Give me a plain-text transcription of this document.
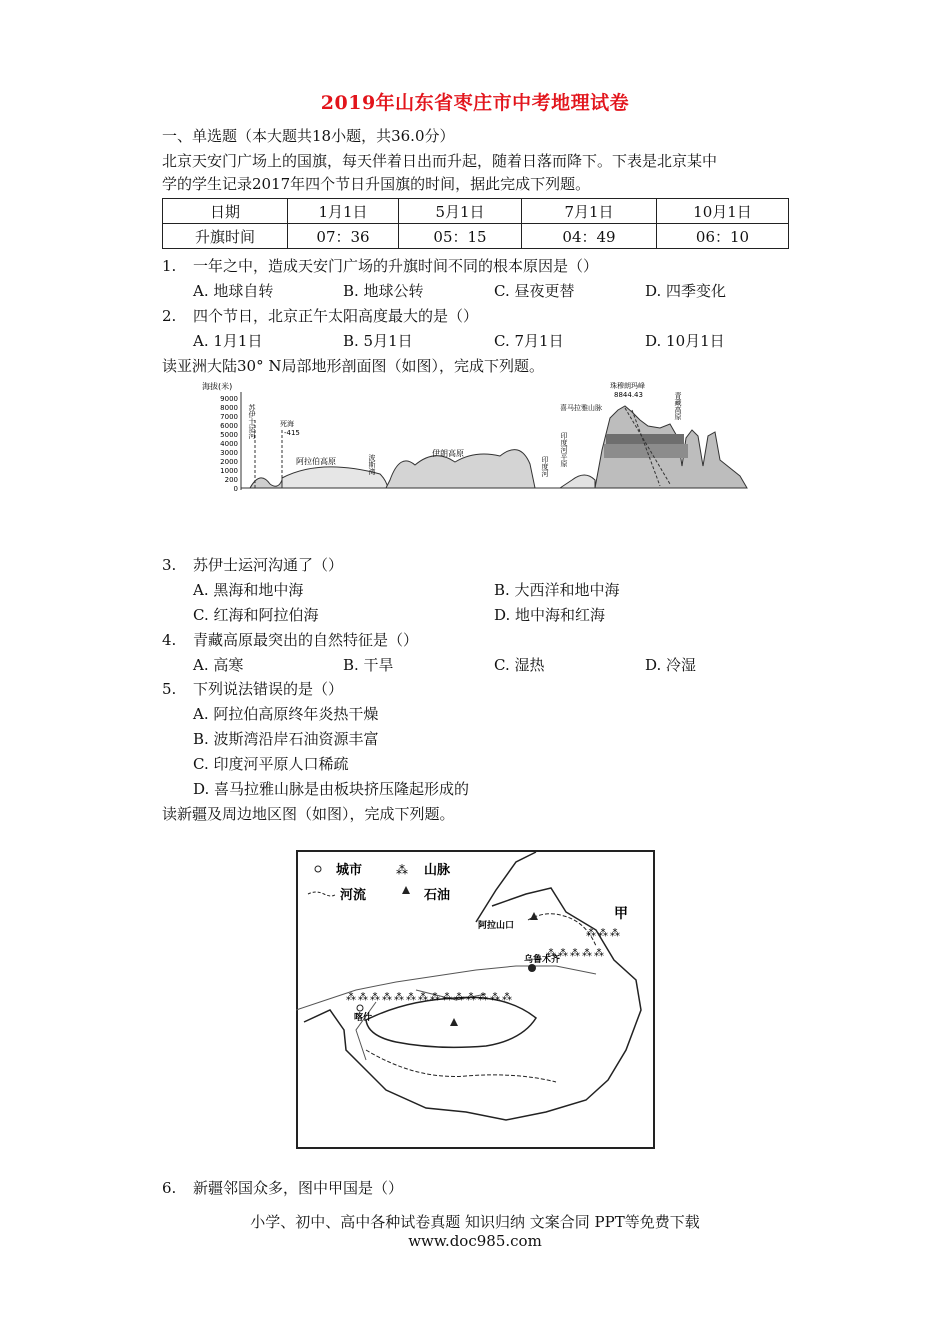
2019年山东省枣庄市中考地理试卷
一、单选题（本大题共18小题，共36.0分）
北京天安门广场上的国旗，每天伴着日出而升起，随着日落而降下。下表是北京某中
学的学生记录2017年四个节日升国旗的时间，据此完成下列题。
日期	1月1日	5月1日	7月1日	10月1日
升旗时间	07：36	05：15	04：49	06：10
1. 一年之中，造成天安门广场的升旗时间不同的根本原因是（）
A. 地球自转	B. 地球公转	C. 昼夜更替	D. 四季变化
2. 四个节日，北京正午太阳高度最大的是（）
A. 1月1日	B. 5月1日	C. 7月1日	D. 10月1日
读亚洲大陆30° N局部地形剖面图（如图），完成下列题。
海拔(米)
9000
8000
7000
6000
5000
4000
3000
2000
1000
200
0
苏伊士运河	死海
-415
阿拉伯高原	波斯湾
伊朗高原
印度河 印度河平原
喜马拉雅山脉
珠穆朗玛峰
8844.43	青藏高原
3. 苏伊士运河沟通了（）
A. 黑海和地中海	B. 大西洋和地中海
C. 红海和阿拉伯海	D. 地中海和红海
4. 青藏高原最突出的自然特征是（）
A. 高寒	B. 干旱	C. 湿热	D. 冷湿
5. 下列说法错误的是（）
A. 阿拉伯高原终年炎热干燥
B. 波斯湾沿岸石油资源丰富
C. 印度河平原人口稀疏
D. 喜马拉雅山脉是由板块挤压隆起形成的
读新疆及周边地区图（如图），完成下列题。
城市	⁂ 山脉
河流	石油
⁂⁂⁂⁂⁂⁂⁂⁂⁂⁂⁂⁂⁂⁂
⁂⁂⁂⁂⁂
⁂⁂⁂
乌鲁木齐
喀什
阿拉山口
甲
6. 新疆邻国众多，图中甲国是（）
小学、初中、高中各种试卷真题 知识归纳 文案合同 PPT等免费下载
www.doc985.com
